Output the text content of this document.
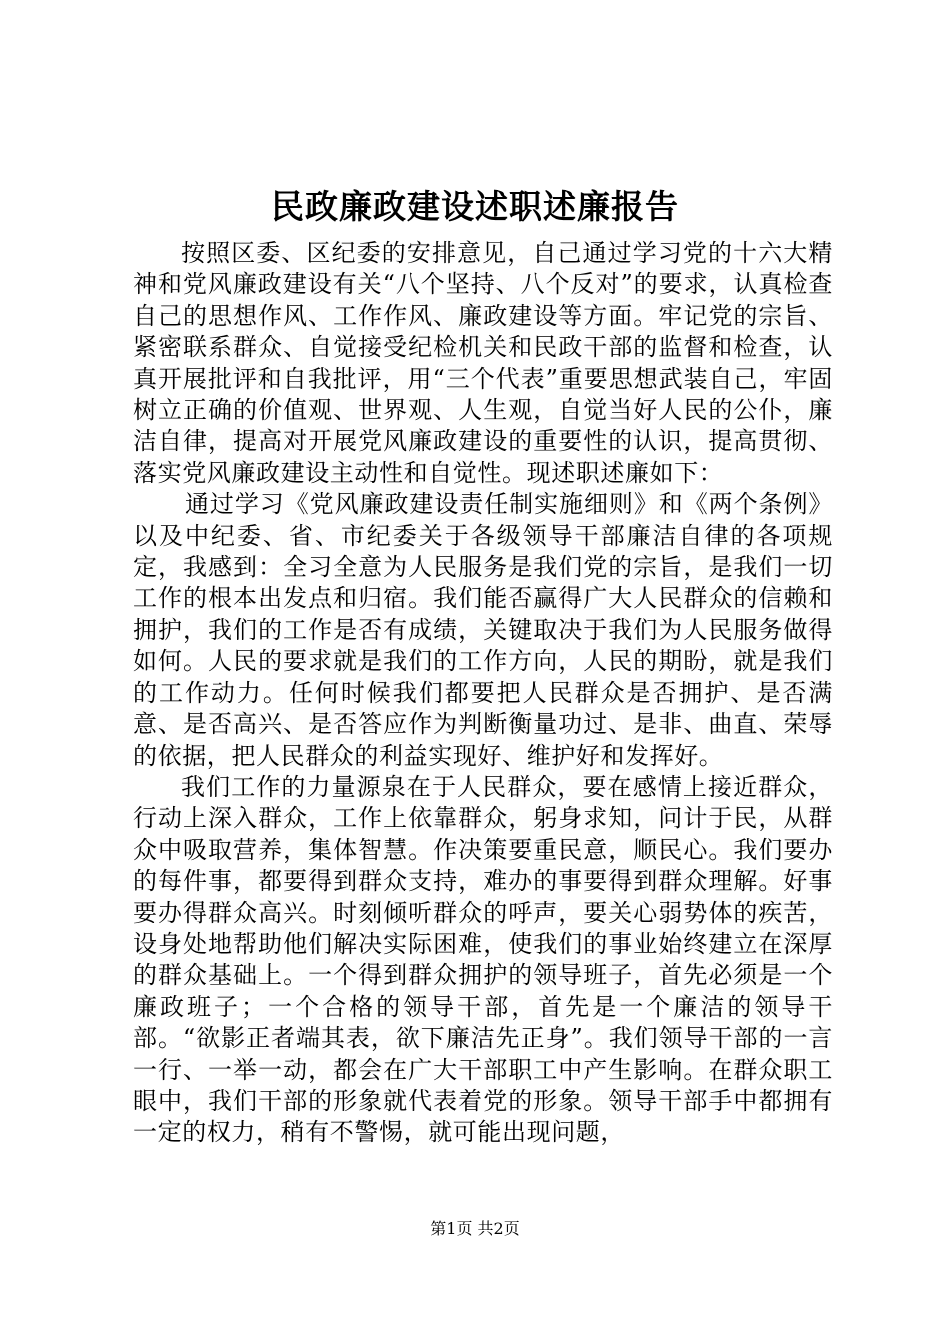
民政廉政建设述职述廉报告

按照区委、区纪委的安排意见，自己通过学习党的十六大精神和党风廉政建设有关“八个坚持、八个反对”的要求，认真检查自己的思想作风、工作作风、廉政建设等方面。牢记党的宗旨、紧密联系群众、自觉接受纪检机关和民政干部的监督和检查，认真开展批评和自我批评，用“三个代表”重要思想武装自己，牢固树立正确的价值观、世界观、人生观，自觉当好人民的公仆，廉洁自律，提高对开展党风廉政建设的重要性的认识，提高贯彻、落实党风廉政建设主动性和自觉性。现述职述廉如下：

通过学习《党风廉政建设责任制实施细则》和《两个条例》以及中纪委、省、市纪委关于各级领导干部廉洁自律的各项规定，我感到：全习全意为人民服务是我们党的宗旨，是我们一切工作的根本出发点和归宿。我们能否赢得广大人民群众的信赖和拥护，我们的工作是否有成绩，关键取决于我们为人民服务做得如何。人民的要求就是我们的工作方向，人民的期盼，就是我们的工作动力。任何时候我们都要把人民群众是否拥护、是否满意、是否高兴、是否答应作为判断衡量功过、是非、曲直、荣辱的依据，把人民群众的利益实现好、维护好和发挥好。

我们工作的力量源泉在于人民群众，要在感情上接近群众，行动上深入群众，工作上依靠群众，躬身求知，问计于民，从群众中吸取营养，集体智慧。作决策要重民意，顺民心。我们要办的每件事，都要得到群众支持，难办的事要得到群众理解。好事要办得群众高兴。时刻倾听群众的呼声，要关心弱势体的疾苦，设身处地帮助他们解决实际困难，使我们的事业始终建立在深厚的群众基础上。一个得到群众拥护的领导班子，首先必须是一个廉政班子；一个合格的领导干部，首先是一个廉洁的领导干部。“欲影正者端其表，欲下廉洁先正身”。我们领导干部的一言一行、一举一动，都会在广大干部职工中产生影响。在群众职工眼中，我们干部的形象就代表着党的形象。领导干部手中都拥有一定的权力，稍有不警惕，就可能出现问题，

第1页 共2页
